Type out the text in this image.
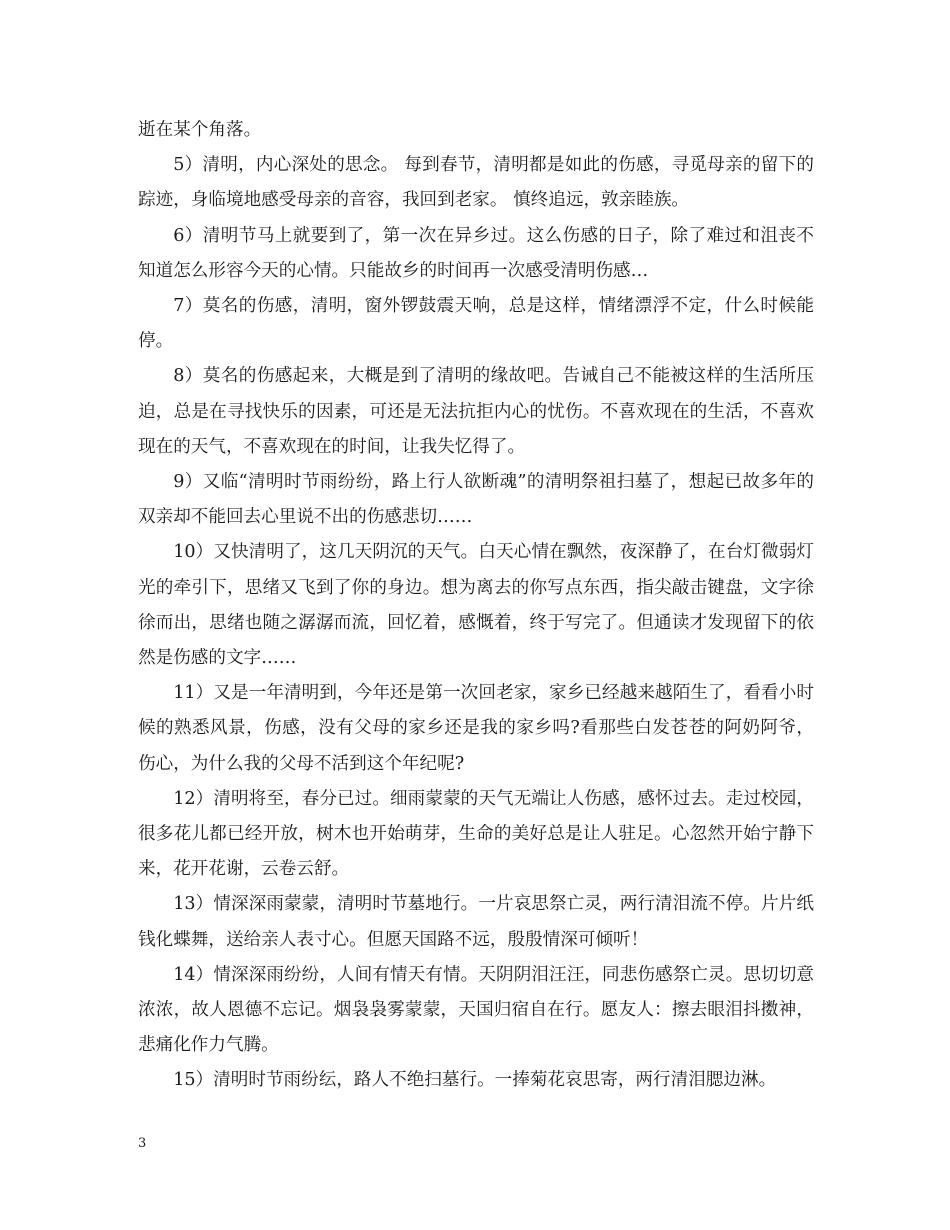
逝在某个角落。

5）清明，内心深处的思念。 每到春节，清明都是如此的伤感，寻觅母亲的留下的踪迹，身临境地感受母亲的音容，我回到老家。 慎终追远，敦亲睦族。

6）清明节马上就要到了，第一次在异乡过。这么伤感的日子，除了难过和沮丧不知道怎么形容今天的心情。只能故乡的时间再一次感受清明伤感…

7）莫名的伤感，清明，窗外锣鼓震天响，总是这样，情绪漂浮不定，什么时候能停。

8）莫名的伤感起来，大概是到了清明的缘故吧。告诫自己不能被这样的生活所压迫，总是在寻找快乐的因素，可还是无法抗拒内心的忧伤。不喜欢现在的生活，不喜欢现在的天气，不喜欢现在的时间，让我失忆得了。

9）又临“清明时节雨纷纷，路上行人欲断魂”的清明祭祖扫墓了，想起已故多年的双亲却不能回去心里说不出的伤感悲切……

10）又快清明了，这几天阴沉的天气。白天心情在飘然，夜深静了，在台灯微弱灯光的牵引下，思绪又飞到了你的身边。想为离去的你写点东西，指尖敲击键盘，文字徐徐而出，思绪也随之潺潺而流，回忆着，感慨着，终于写完了。但通读才发现留下的依然是伤感的文字……

11）又是一年清明到，今年还是第一次回老家，家乡已经越来越陌生了，看看小时候的熟悉风景，伤感，没有父母的家乡还是我的家乡吗?看那些白发苍苍的阿奶阿爷，伤心，为什么我的父母不活到这个年纪呢?

12）清明将至，春分已过。细雨蒙蒙的天气无端让人伤感，感怀过去。走过校园，很多花儿都已经开放，树木也开始萌芽，生命的美好总是让人驻足。心忽然开始宁静下来，花开花谢，云卷云舒。

13）情深深雨蒙蒙，清明时节墓地行。一片哀思祭亡灵，两行清泪流不停。片片纸钱化蝶舞，送给亲人表寸心。但愿天国路不远，殷殷情深可倾听！

14）情深深雨纷纷，人间有情天有情。天阴阴泪汪汪，同悲伤感祭亡灵。思切切意浓浓，故人恩德不忘记。烟袅袅雾蒙蒙，天国归宿自在行。愿友人：擦去眼泪抖擞神，悲痛化作力气腾。

15）清明时节雨纷纭，路人不绝扫墓行。一捧菊花哀思寄，两行清泪腮边淋。

3
